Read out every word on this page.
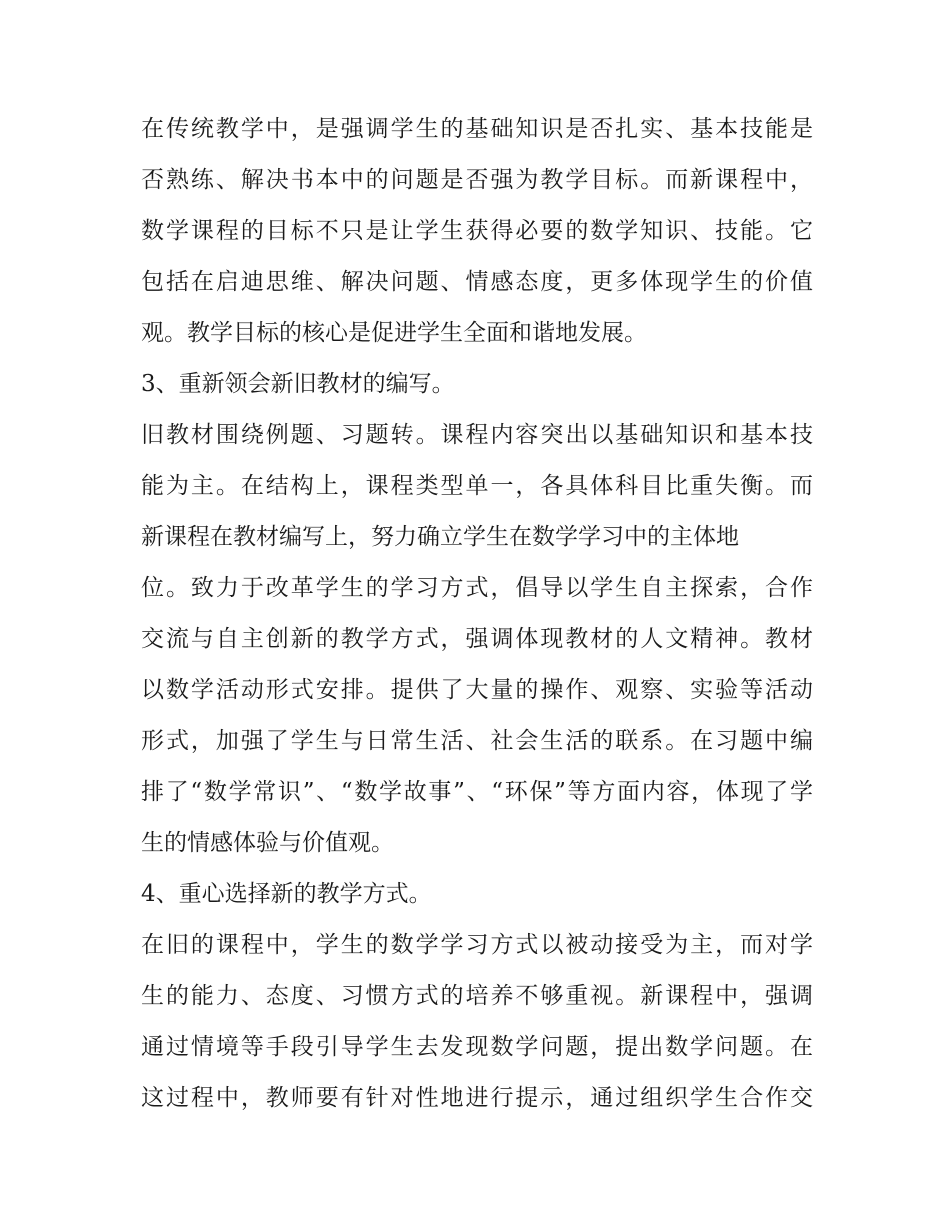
在传统教学中，是强调学生的基础知识是否扎实、基本技能是
否熟练、解决书本中的问题是否强为教学目标。而新课程中，
数学课程的目标不只是让学生获得必要的数学知识、技能。它
包括在启迪思维、解决问题、情感态度，更多体现学生的价值
观。教学目标的核心是促进学生全面和谐地发展。
3、重新领会新旧教材的编写。
旧教材围绕例题、习题转。课程内容突出以基础知识和基本技
能为主。在结构上，课程类型单一，各具体科目比重失衡。而
新课程在教材编写上，努力确立学生在数学学习中的主体地
位。致力于改革学生的学习方式，倡导以学生自主探索，合作
交流与自主创新的教学方式，强调体现教材的人文精神。教材
以数学活动形式安排。提供了大量的操作、观察、实验等活动
形式，加强了学生与日常生活、社会生活的联系。在习题中编
排了“数学常识”、“数学故事”、“环保”等方面内容，体现了学
生的情感体验与价值观。
4、重心选择新的教学方式。
在旧的课程中，学生的数学学习方式以被动接受为主，而对学
生的能力、态度、习惯方式的培养不够重视。新课程中，强调
通过情境等手段引导学生去发现数学问题，提出数学问题。在
这过程中，教师要有针对性地进行提示，通过组织学生合作交
